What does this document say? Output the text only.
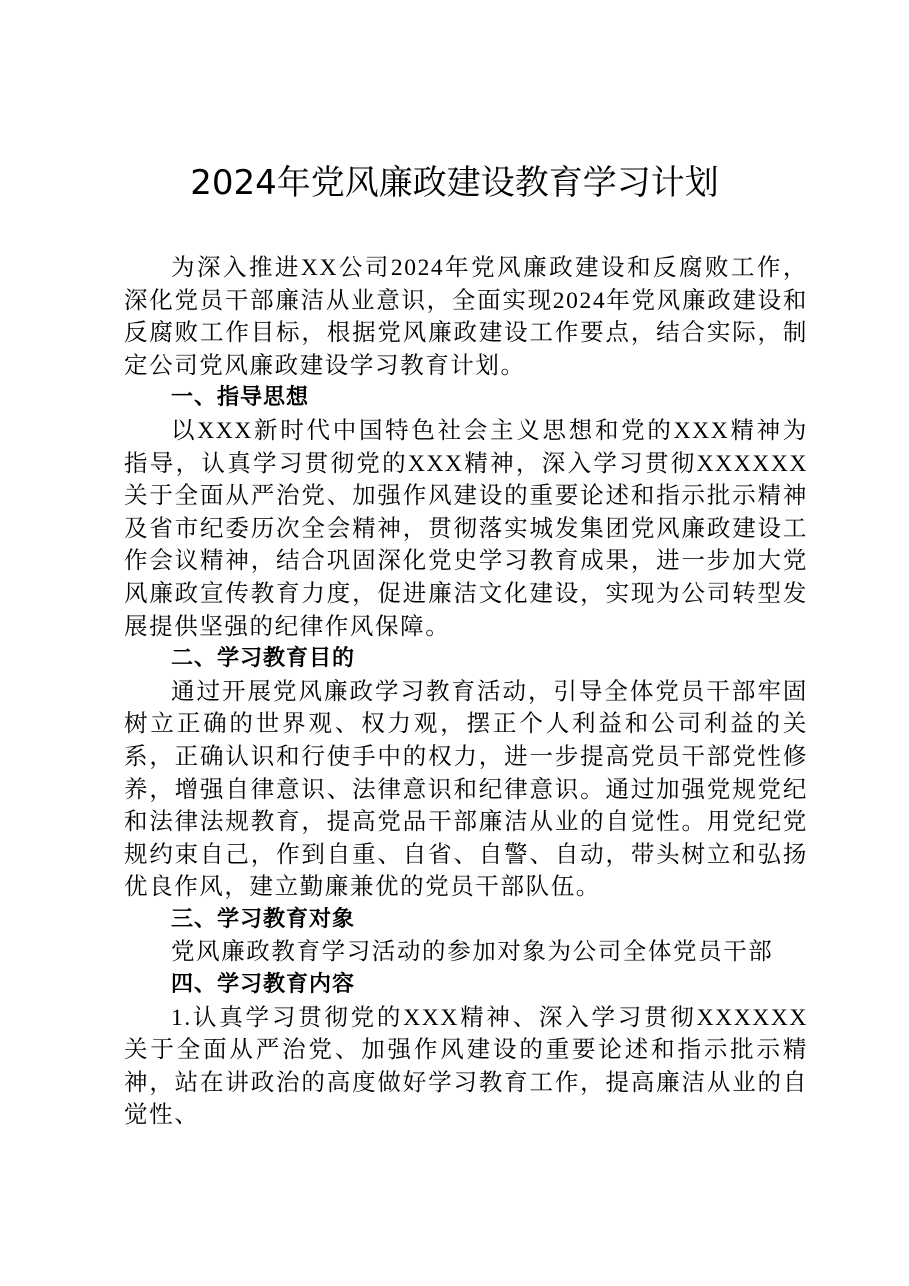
2024年党风廉政建设教育学习计划

为深入推进XX公司2024年党风廉政建设和反腐败工作，深化党员干部廉洁从业意识，全面实现2024年党风廉政建设和反腐败工作目标，根据党风廉政建设工作要点，结合实际，制定公司党风廉政建设学习教育计划。

一、指导思想

以XXX新时代中国特色社会主义思想和党的XXX精神为指导，认真学习贯彻党的XXX精神，深入学习贯彻XXXXXX关于全面从严治党、加强作风建设的重要论述和指示批示精神及省市纪委历次全会精神，贯彻落实城发集团党风廉政建设工作会议精神，结合巩固深化党史学习教育成果，进一步加大党风廉政宣传教育力度，促进廉洁文化建设，实现为公司转型发展提供坚强的纪律作风保障。

二、学习教育目的

通过开展党风廉政学习教育活动，引导全体党员干部牢固树立正确的世界观、权力观，摆正个人利益和公司利益的关系，正确认识和行使手中的权力，进一步提高党员干部党性修养，增强自律意识、法律意识和纪律意识。通过加强党规党纪和法律法规教育，提高党品干部廉洁从业的自觉性。用党纪党规约束自己，作到自重、自省、自警、自动，带头树立和弘扬优良作风，建立勤廉兼优的党员干部队伍。

三、学习教育对象

党风廉政教育学习活动的参加对象为公司全体党员干部

四、学习教育内容

1.认真学习贯彻党的XXX精神、深入学习贯彻XXXXXX关于全面从严治党、加强作风建设的重要论述和指示批示精神，站在讲政治的高度做好学习教育工作，提高廉洁从业的自觉性、
